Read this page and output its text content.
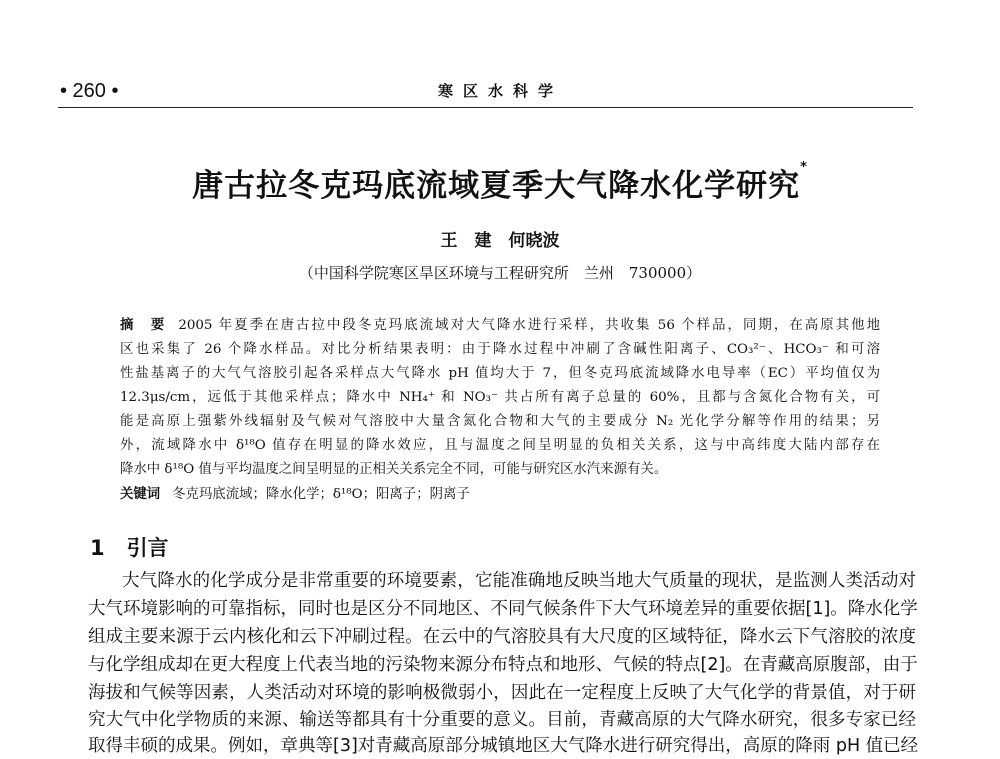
• 260 •	寒区水科学
唐古拉冬克玛底流域夏季大气降水化学研究*
王　建　何晓波
（中国科学院寒区旱区环境与工程研究所　兰州　730000）
摘　要 2005 年夏季在唐古拉中段冬克玛底流域对大气降水进行采样，共收集 56 个样品，同期，在高原其他地
区也采集了 26 个降水样品。对比分析结果表明：由于降水过程中冲刷了含碱性阳离子、CO₃²⁻、HCO₃⁻ 和可溶
性盐基离子的大气气溶胶引起各采样点大气降水 pH 值均大于 7，但冬克玛底流域降水电导率（EC）平均值仅为
12.3μs/cm，远低于其他采样点；降水中 NH₄⁺ 和 NO₃⁻ 共占所有离子总量的 60%，且都与含氮化合物有关，可
能是高原上强紫外线辐射及气候对气溶胶中大量含氮化合物和大气的主要成分 N₂ 光化学分解等作用的结果；另
外，流域降水中 δ¹⁸O 值存在明显的降水效应，且与温度之间呈明显的负相关关系，这与中高纬度大陆内部存在
降水中 δ¹⁸O 值与平均温度之间呈明显的正相关关系完全不同，可能与研究区水汽来源有关。
关键词 冬克玛底流域；降水化学；δ¹⁸O；阳离子；阴离子
1 引言
大气降水的化学成分是非常重要的环境要素，它能准确地反映当地大气质量的现状，是监测人类活动对
大气环境影响的可靠指标，同时也是区分不同地区、不同气候条件下大气环境差异的重要依据[1]。降水化学
组成主要来源于云内核化和云下冲刷过程。在云中的气溶胶具有大尺度的区域特征，降水云下气溶胶的浓度
与化学组成却在更大程度上代表当地的污染物来源分布特点和地形、气候的特点[2]。在青藏高原腹部，由于
海拔和气候等因素，人类活动对环境的影响极微弱小，因此在一定程度上反映了大气化学的背景值，对于研
究大气中化学物质的来源、输送等都具有十分重要的意义。目前，青藏高原的大气降水研究，很多专家已经
取得丰硕的成果。例如，章典等[3]对青藏高原部分城镇地区大气降水进行研究得出，高原的降雨 pH 值已经
